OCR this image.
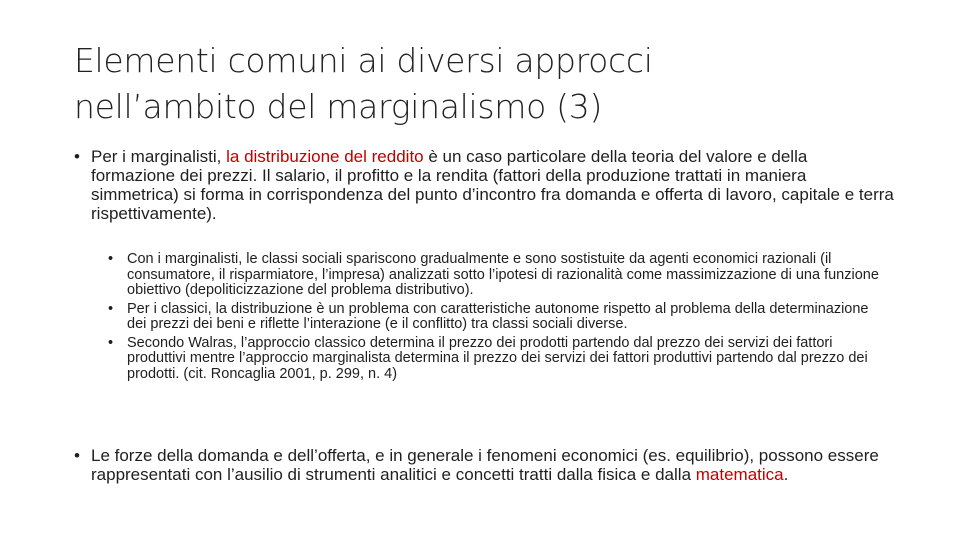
Elementi comuni ai diversi approcci
nell’ambito del marginalismo (3)
• Per i marginalisti, la distribuzione del reddito è un caso particolare della teoria del valore e della formazione dei prezzi. Il salario, il profitto e la rendita (fattori della produzione trattati in maniera simmetrica) si forma in corrispondenza del punto d’incontro fra domanda e offerta di lavoro, capitale e terra rispettivamente).
• Con i marginalisti, le classi sociali spariscono gradualmente e sono sostistuite da agenti economici razionali (il consumatore, il risparmiatore, l’impresa) analizzati sotto l’ipotesi di razionalità come massimizzazione di una funzione obiettivo (depoliticizzazione del problema distributivo).
• Per i classici, la distribuzione è un problema con caratteristiche autonome rispetto al problema della determinazione dei prezzi dei beni e riflette l’interazione (e il conflitto) tra classi sociali diverse.
• Secondo Walras, l’approccio classico determina il prezzo dei prodotti partendo dal prezzo dei servizi dei fattori produttivi mentre l’approccio marginalista determina il prezzo dei servizi dei fattori produttivi partendo dal prezzo dei prodotti. (cit. Roncaglia 2001, p. 299, n. 4)
• Le forze della domanda e dell’offerta, e in generale i fenomeni economici (es. equilibrio), possono essere rappresentati con l’ausilio di strumenti analitici e concetti tratti dalla fisica e dalla matematica.
